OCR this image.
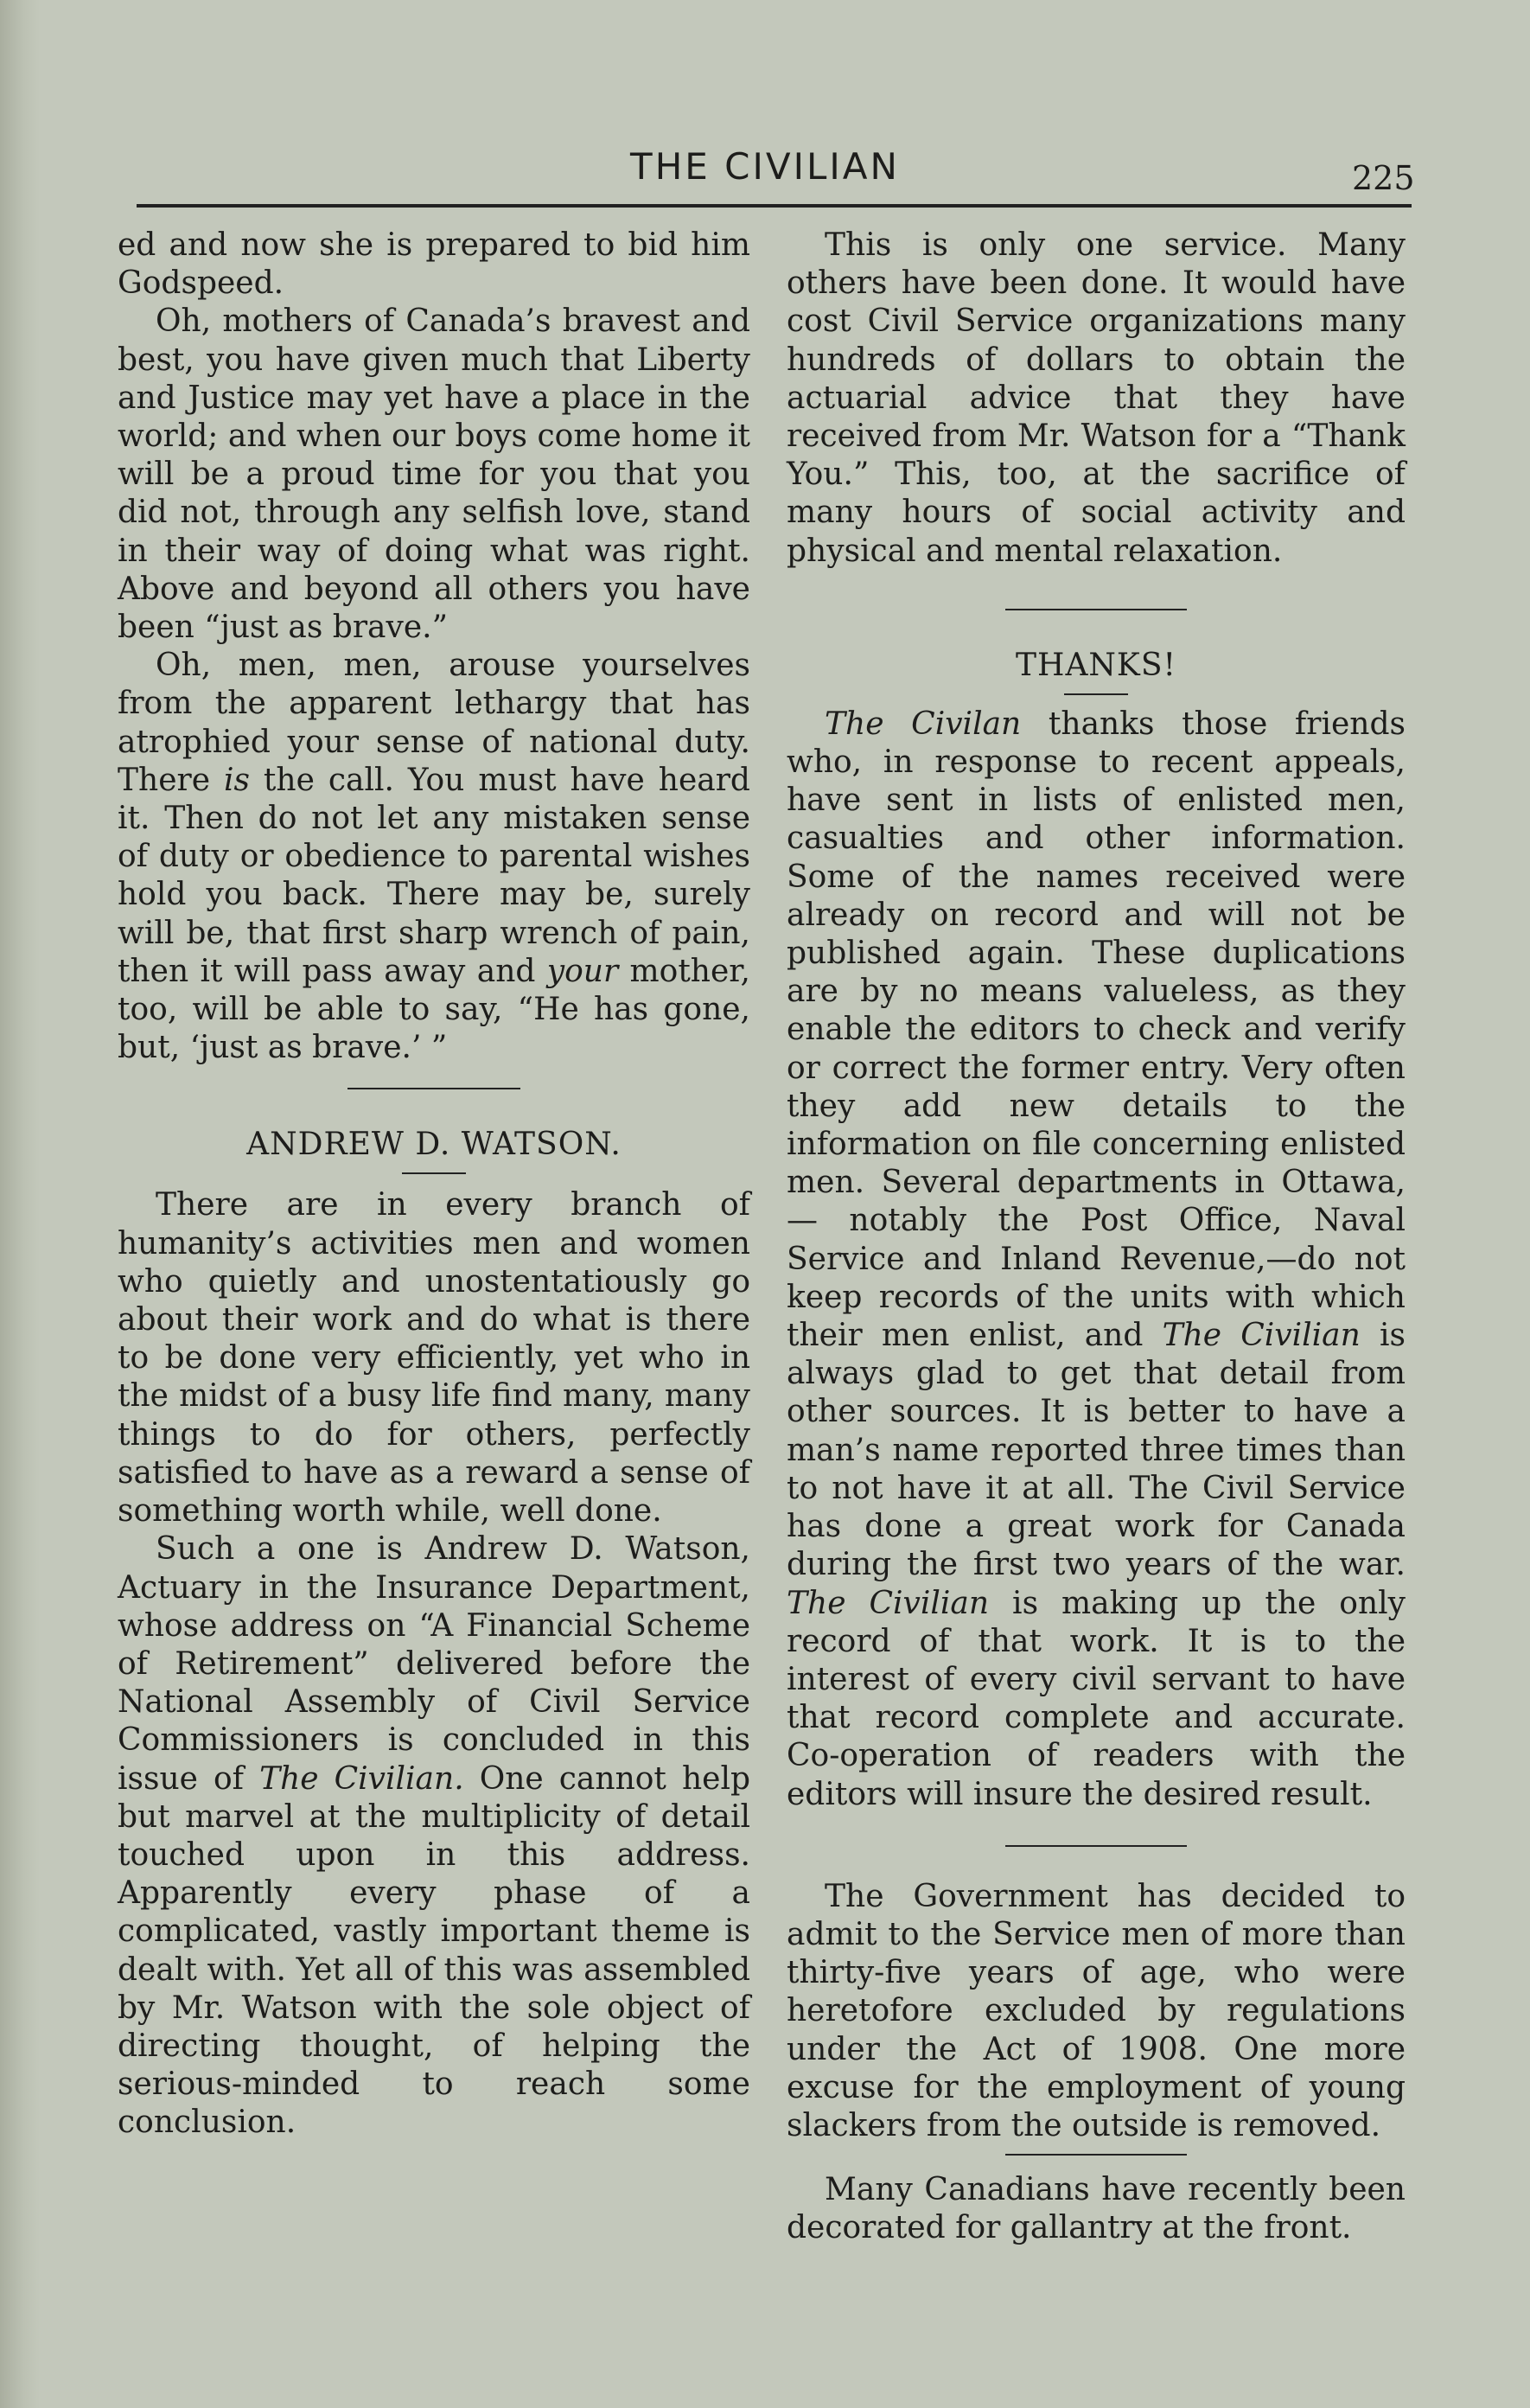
THE CIVILIAN	225

ed and now she is prepared to bid him Godspeed.

Oh, mothers of Canada’s bravest and best, you have given much that Liberty and Justice may yet have a place in the world; and when our boys come home it will be a proud time for you that you did not, through any selfish love, stand in their way of doing what was right. Above and beyond all others you have been “just as brave.”

Oh, men, men, arouse yourselves from the apparent lethargy that has atrophied your sense of national duty. There is the call. You must have heard it. Then do not let any mistaken sense of duty or obedience to parental wishes hold you back. There may be, surely will be, that first sharp wrench of pain, then it will pass away and your mother, too, will be able to say, “He has gone, but, ‘just as brave.’ ”

ANDREW D. WATSON.

There are in every branch of humanity’s activities men and women who quietly and unostentatiously go about their work and do what is there to be done very efficiently, yet who in the midst of a busy life find many, many things to do for others, perfectly satisfied to have as a reward a sense of something worth while, well done.

Such a one is Andrew D. Watson, Actuary in the Insurance Department, whose address on “A Financial Scheme of Retirement” delivered before the National Assembly of Civil Service Commissioners is concluded in this issue of The Civilian. One cannot help but marvel at the multiplicity of detail touched upon in this address. Apparently every phase of a complicated, vastly important theme is dealt with. Yet all of this was assembled by Mr. Watson with the sole object of directing thought, of helping the serious-minded to reach some conclusion.

This is only one service. Many others have been done. It would have cost Civil Service organizations many hundreds of dollars to obtain the actuarial advice that they have received from Mr. Watson for a “Thank You.” This, too, at the sacrifice of many hours of social activity and physical and mental relaxation.

THANKS!

The Civilan thanks those friends who, in response to recent appeals, have sent in lists of enlisted men, casualties and other information. Some of the names received were already on record and will not be published again. These duplications are by no means valueless, as they enable the editors to check and verify or correct the former entry. Very often they add new details to the information on file concerning enlisted men. Several departments in Ottawa,— notably the Post Office, Naval Service and Inland Revenue,—do not keep records of the units with which their men enlist, and The Civilian is always glad to get that detail from other sources. It is better to have a man’s name reported three times than to not have it at all. The Civil Service has done a great work for Canada during the first two years of the war. The Civilian is making up the only record of that work. It is to the interest of every civil servant to have that record complete and accurate. Co-operation of readers with the editors will insure the desired result.

The Government has decided to admit to the Service men of more than thirty-five years of age, who were heretofore excluded by regulations under the Act of 1908. One more excuse for the employment of young slackers from the outside is removed.

Many Canadians have recently been decorated for gallantry at the front.
